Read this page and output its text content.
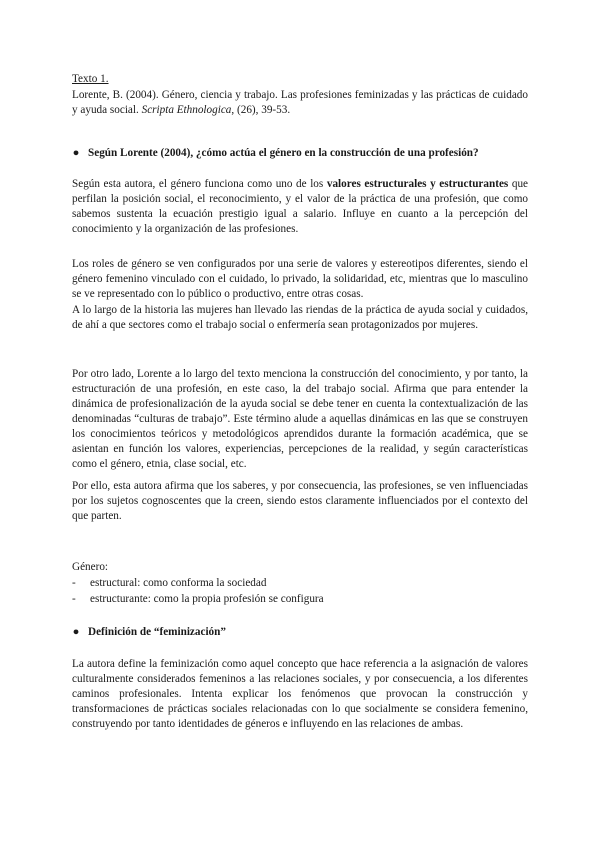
Texto 1.

Lorente, B. (2004). Género, ciencia y trabajo. Las profesiones feminizadas y las prácticas de cuidado y ayuda social. Scripta Ethnologica, (26), 39-53.

● Según Lorente (2004), ¿cómo actúa el género en la construcción de una profesión?

Según esta autora, el género funciona como uno de los valores estructurales y estructurantes que perfilan la posición social, el reconocimiento, y el valor de la práctica de una profesión, que como sabemos sustenta la ecuación prestigio igual a salario. Influye en cuanto a la percepción del conocimiento y la organización de las profesiones.

Los roles de género se ven configurados por una serie de valores y estereotipos diferentes, siendo el género femenino vinculado con el cuidado, lo privado, la solidaridad, etc, mientras que lo masculino se ve representado con lo público o productivo, entre otras cosas.

A lo largo de la historia las mujeres han llevado las riendas de la práctica de ayuda social y cuidados, de ahí a que sectores como el trabajo social o enfermería sean protagonizados por mujeres.

Por otro lado, Lorente a lo largo del texto menciona la construcción del conocimiento, y por tanto, la estructuración de una profesión, en este caso, la del trabajo social. Afirma que para entender la dinámica de profesionalización de la ayuda social se debe tener en cuenta la contextualización de las denominadas “culturas de trabajo”. Este término alude a aquellas dinámicas en las que se construyen los conocimientos teóricos y metodológicos aprendidos durante la formación académica, que se asientan en función los valores, experiencias, percepciones de la realidad, y según características como el género, etnia, clase social, etc.

Por ello, esta autora afirma que los saberes, y por consecuencia, las profesiones, se ven influenciadas por los sujetos cognoscentes que la creen, siendo estos claramente influenciados por el contexto del que parten.

Género:

- estructural: como conforma la sociedad

- estructurante: como la propia profesión se configura

● Definición de “feminización”

La autora define la feminización como aquel concepto que hace referencia a la asignación de valores culturalmente considerados femeninos a las relaciones sociales, y por consecuencia, a los diferentes caminos profesionales. Intenta explicar los fenómenos que provocan la construcción y transformaciones de prácticas sociales relacionadas con lo que socialmente se considera femenino, construyendo por tanto identidades de géneros e influyendo en las relaciones de ambas.
